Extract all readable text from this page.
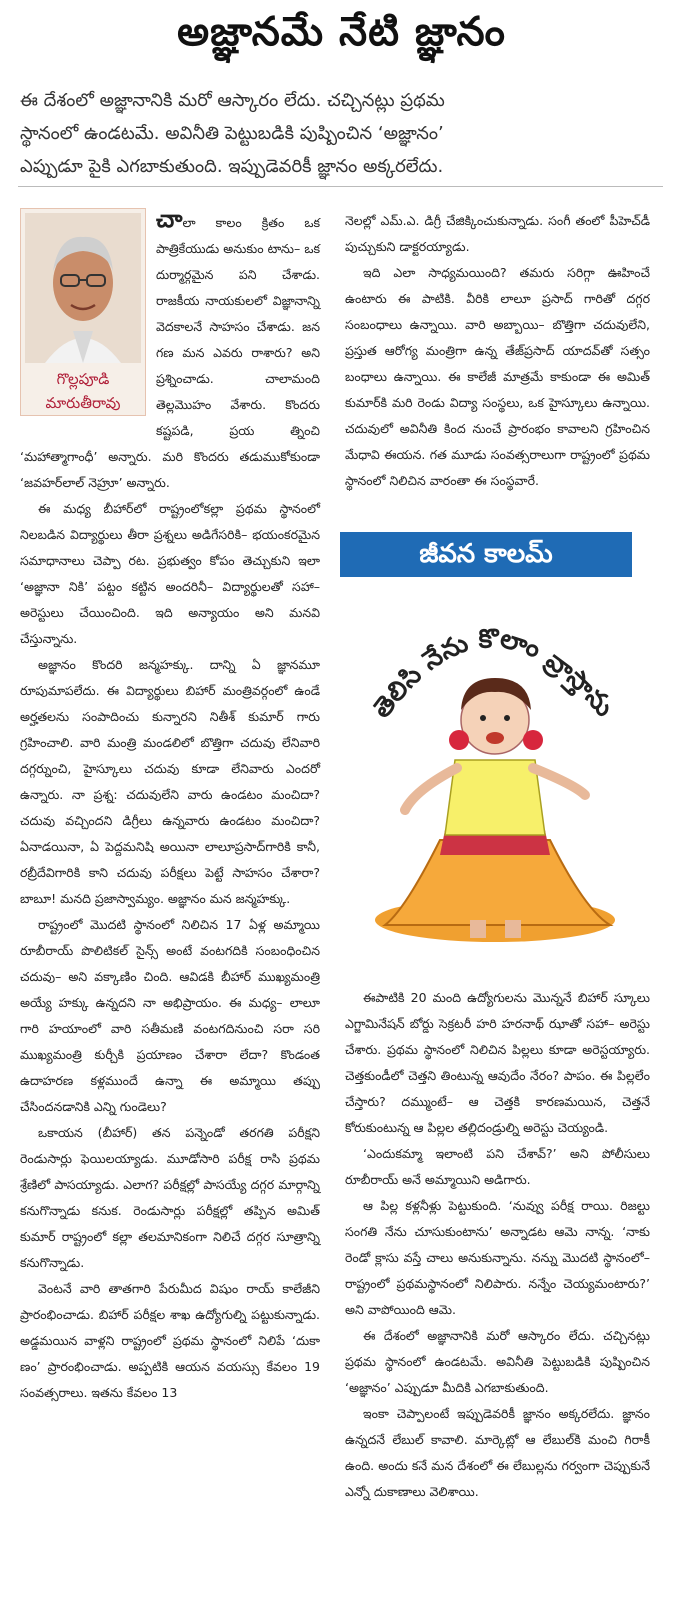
అజ్ఞానమే నేటి జ్ఞానం

ఈ దేశంలో అజ్ఞానానికి మరో ఆస్కారం లేదు. చచ్చినట్లు ప్రథమ

స్థానంలో ఉండటమే. అవినీతి పెట్టుబడికి పుష్పించిన ‘అజ్ఞానం’

ఎప్పుడూ పైకి ఎగబాకుతుంది. ఇప్పుడెవరికీ జ్ఞానం అక్కరలేదు.

గొల్లపూడి
మారుతీరావు

చాలా కాలం క్రితం ఒక పాత్రికేయుడు అనుకుం టాను– ఒక దుర్మార్గమైన పని చేశాడు. రాజకీయ నాయకులలో విజ్ఞానాన్ని వెదకాలనే సాహసం చేశాడు. జన గణ మన ఎవరు రాశారు? అని ప్రశ్నించాడు. చాలామంది తెల్లమొహం వేశారు. కొందరు కష్టపడి, ప్రయ త్నించి ‘మహాత్మాగాంధీ’ అన్నారు. మరి కొందరు తడుముకోకుండా ‘జవహర్‌లాల్ నెహ్రూ’ అన్నారు.

ఈ మధ్య బీహార్‌లో రాష్ట్రంలోకల్లా ప్రథమ స్థానంలో నిలబడిన విద్యార్థులు తీరా ప్రశ్నలు అడిగేసరికి– భయంకరమైన సమాధానాలు చెప్పా రట. ప్రభుత్వం కోపం తెచ్చుకుని ఇలా ‘అజ్ఞానా నికి’ పట్టం కట్టిన అందరినీ– విద్యార్థులతో సహా– అరెస్టులు చేయించింది. ఇది అన్యాయం అని మనవి చేస్తున్నాను.

అజ్ఞానం కొందరి జన్మహక్కు. దాన్ని ఏ జ్ఞానమూ రూపుమాపలేదు. ఈ విద్యార్థులు బిహార్ మంత్రివర్గంలో ఉండే అర్హతలను సంపాదించు కున్నారని నితీశ్ కుమార్ గారు గ్రహించాలి. వారి మంత్రి మండలిలో బొత్తిగా చదువు లేనివారి దగ్గర్నుంచి, హైస్కూలు చదువు కూడా లేనివారు ఎందరో ఉన్నారు. నా ప్రశ్న: చదువులేని వారు ఉండటం మంచిదా? చదువు వచ్చిందని డిగ్రీలు ఉన్నవారు ఉండటం మంచిదా? ఏనాడయినా, ఏ పెద్దమనిషి అయినా లాలూప్రసాద్‌గారికి కానీ, రబ్రీదేవిగారికి కాని చదువు పరీక్షలు పెట్టే సాహసం చేశారా? బాబూ! మనది ప్రజాస్వామ్యం. అజ్ఞానం మన జన్మహక్కు.

రాష్ట్రంలో మొదటి స్థానంలో నిలిచిన 17 ఏళ్ల అమ్మాయి రూబీరాయ్ పొలిటికల్ సైన్స్ అంటే వంటగదికి సంబంధించిన చదువు– అని వక్కాణిం చింది. ఆవిడకి బీహార్ ముఖ్యమంత్రి అయ్యే హక్కు ఉన్నదని నా అభిప్రాయం. ఈ మధ్య– లాలూ గారి హయాంలో వారి సతీమణి వంటగదినుంచి సరా సరి ముఖ్యమంత్రి కుర్చీకి ప్రయాణం చేశారా లేదా? కొండంత ఉదాహరణ కళ్లముందే ఉన్నా ఈ అమ్మాయి తప్పు చేసిందనడానికి ఎన్ని గుండెలు?

ఒకాయన (బీహార్) తన పన్నెండో తరగతి పరీక్షని రెండుసార్లు ఫెయిలయ్యాడు. మూడోసారి పరీక్ష రాసి ప్రథమ శ్రేణిలో పాసయ్యాడు. ఎలాగ? పరీక్షల్లో పాసయ్యే దగ్గర మార్గాన్ని కనుగొన్నాడు కనుక. రెండుసార్లు పరీక్షల్లో తప్పిన అమిత్ కుమార్ రాష్ట్రంలో కల్లా తలమానికంగా నిలిచే దగ్గర సూత్రాన్ని కనుగొన్నాడు.

వెంటనే వారి తాతగారి పేరుమీద విషుం రాయ్ కాలేజీని ప్రారంభించాడు. బిహార్ పరీక్షల శాఖ ఉద్యోగుల్ని పట్టుకున్నాడు. అడ్డమయిన వాళ్లని రాష్ట్రంలో ప్రథమ స్థానంలో నిలిపే ‘దుకా ణం’ ప్రారంభించాడు. అప్పటికి ఆయన వయస్సు కేవలం 19 సంవత్సరాలు. ఇతను కేవలం 13

నెలల్లో ఎమ్.ఎ. డిగ్రీ చేజిక్కించుకున్నాడు. సంగీ తంలో పీహెచ్‌డీ పుచ్చుకుని డాక్టరయ్యాడు.

ఇది ఎలా సాధ్యమయింది? తమరు సరిగ్గా ఊహించే ఉంటారు ఈ పాటికి. వీరికి లాలూ ప్రసాద్ గారితో దగ్గర సంబంధాలు ఉన్నాయి. వారి అబ్బాయి– బొత్తిగా చదువులేని, ప్రస్తుత ఆరోగ్య మంత్రిగా ఉన్న తేజ్‌ప్రసాద్ యాదవ్‌తో సత్సం బంధాలు ఉన్నాయి. ఈ కాలేజీ మాత్రమే కాకుండా ఈ అమిత్ కుమార్‌కి మరి రెండు విద్యా సంస్థలు, ఒక హైస్కూలు ఉన్నాయి. చదువులో అవినీతి కింద నుంచే ప్రారంభం కావాలని గ్రహించిన మేధావి ఈయన. గత మూడు సంవత్సరాలుగా రాష్ట్రంలో ప్రథమ స్థానంలో నిలిచిన వారంతా ఈ సంస్థవారే.

జీవన కాలమ్
తెలిసి నేను కొలాం వ్రాస్తాను

ఈపాటికి 20 మంది ఉద్యోగులను మొన్ననే బిహార్ స్కూలు ఎగ్జామినేషన్ బోర్డు సెక్రటరీ హరి హరనాథ్ ఝాతో సహా– అరెస్టు చేశారు. ప్రథమ స్థానంలో నిలిచిన పిల్లలు కూడా అరెస్టయ్యారు. చెత్తకుండీలో చెత్తని తింటున్న ఆవుదేం నేరం? పాపం. ఈ పిల్లలేం చేస్తారు? దమ్ముంటే– ఆ చెత్తకి కారణమయిన, చెత్తనే కోరుకుంటున్న ఆ పిల్లల తల్లిదండ్రుల్ని అరెస్టు చెయ్యండి.

‘ఎందుకమ్మా ఇలాంటి పని చేశావ్?’ అని పోలీసులు రూబీరాయ్ అనే అమ్మాయిని అడిగారు.

ఆ పిల్ల కళ్లనీళ్లు పెట్టుకుంది. ‘నువ్వు పరీక్ష రాయి. రిజల్టు సంగతి నేను చూసుకుంటాను’ అన్నాడట ఆమె నాన్న. ‘నాకు రెండో క్లాసు వస్తే చాలు అనుకున్నాను. నన్ను మొదటి స్థానంలో– రాష్ట్రంలో ప్రథమస్థానంలో నిలిపారు. నన్నేం చెయ్యమంటారు?’ అని వాపోయింది ఆమె.

ఈ దేశంలో అజ్ఞానానికి మరో ఆస్కారం లేదు. చచ్చినట్లు ప్రథమ స్థానంలో ఉండటమే. అవినీతి పెట్టుబడికి పుష్పించిన ‘అజ్ఞానం’ ఎప్పుడూ మీదికి ఎగబాకుతుంది.

ఇంకా చెప్పాలంటే ఇప్పుడెవరికీ జ్ఞానం అక్కరలేదు. జ్ఞానం ఉన్నదనే లేబుల్ కావాలి. మార్కెట్లో ఆ లేబుల్‌కి మంచి గిరాకీ ఉంది. అందు కనే మన దేశంలో ఈ లేబుల్లను గర్వంగా చెప్పుకునే ఎన్నో దుకాణాలు వెలిశాయి.
